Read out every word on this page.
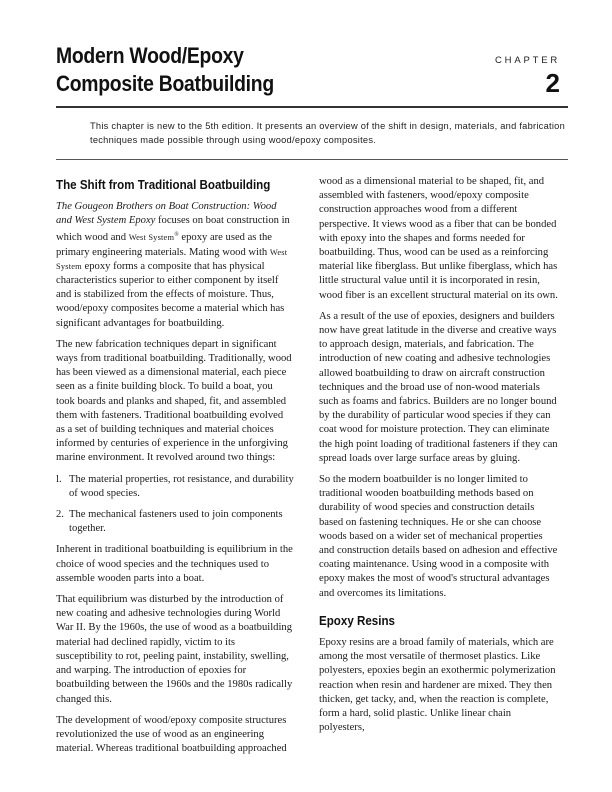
Modern Wood/Epoxy
Composite Boatbuilding
CHAPTER
2
This chapter is new to the 5th edition. It presents an overview of the shift in design, materials, and fabrication techniques made possible through using wood/epoxy composites.
The Shift from Traditional Boatbuilding

The Gougeon Brothers on Boat Construction: Wood and West System Epoxy focuses on boat construction in which wood and West System® epoxy are used as the primary engineering materials. Mating wood with West System epoxy forms a composite that has physical characteristics superior to either component by itself and is stabilized from the effects of moisture. Thus, wood/epoxy composites become a material which has significant advantages for boatbuilding.

The new fabrication techniques depart in significant ways from traditional boatbuilding. Traditionally, wood has been viewed as a dimensional material, each piece seen as a finite building block. To build a boat, you took boards and planks and shaped, fit, and assembled them with fasteners. Traditional boatbuilding evolved as a set of building techniques and material choices informed by centuries of experience in the unforgiving marine environment. It revolved around two things:

l. The material properties, rot resistance, and durability of wood species.
2. The mechanical fasteners used to join components together.

Inherent in traditional boatbuilding is equilibrium in the choice of wood species and the techniques used to assemble wooden parts into a boat.

That equilibrium was disturbed by the introduction of new coating and adhesive technologies during World War II. By the 1960s, the use of wood as a boatbuilding material had declined rapidly, victim to its susceptibility to rot, peeling paint, instability, swelling, and warping. The introduction of epoxies for boatbuilding between the 1960s and the 1980s radically changed this.

The development of wood/epoxy composite structures revolutionized the use of wood as an engineering material. Whereas traditional boatbuilding approached

wood as a dimensional material to be shaped, fit, and assembled with fasteners, wood/epoxy composite construction approaches wood from a different perspective. It views wood as a fiber that can be bonded with epoxy into the shapes and forms needed for boatbuilding. Thus, wood can be used as a reinforcing material like fiberglass. But unlike fiberglass, which has little structural value until it is incorporated in resin, wood fiber is an excellent structural material on its own.

As a result of the use of epoxies, designers and builders now have great latitude in the diverse and creative ways to approach design, materials, and fabrication. The introduction of new coating and adhesive technologies allowed boatbuilding to draw on aircraft construction techniques and the broad use of non-wood materials such as foams and fabrics. Builders are no longer bound by the durability of particular wood species if they can coat wood for moisture protection. They can eliminate the high point loading of traditional fasteners if they can spread loads over large surface areas by gluing.

So the modern boatbuilder is no longer limited to traditional wooden boatbuilding methods based on durability of wood species and construction details based on fastening techniques. He or she can choose woods based on a wider set of mechanical properties and construction details based on adhesion and effective coating maintenance. Using wood in a composite with epoxy makes the most of wood's structural advantages and overcomes its limitations.

Epoxy Resins

Epoxy resins are a broad family of materials, which are among the most versatile of thermoset plastics. Like polyesters, epoxies begin an exothermic polymerization reaction when resin and hardener are mixed. They then thicken, get tacky, and, when the reaction is complete, form a hard, solid plastic. Unlike linear chain polyesters,
